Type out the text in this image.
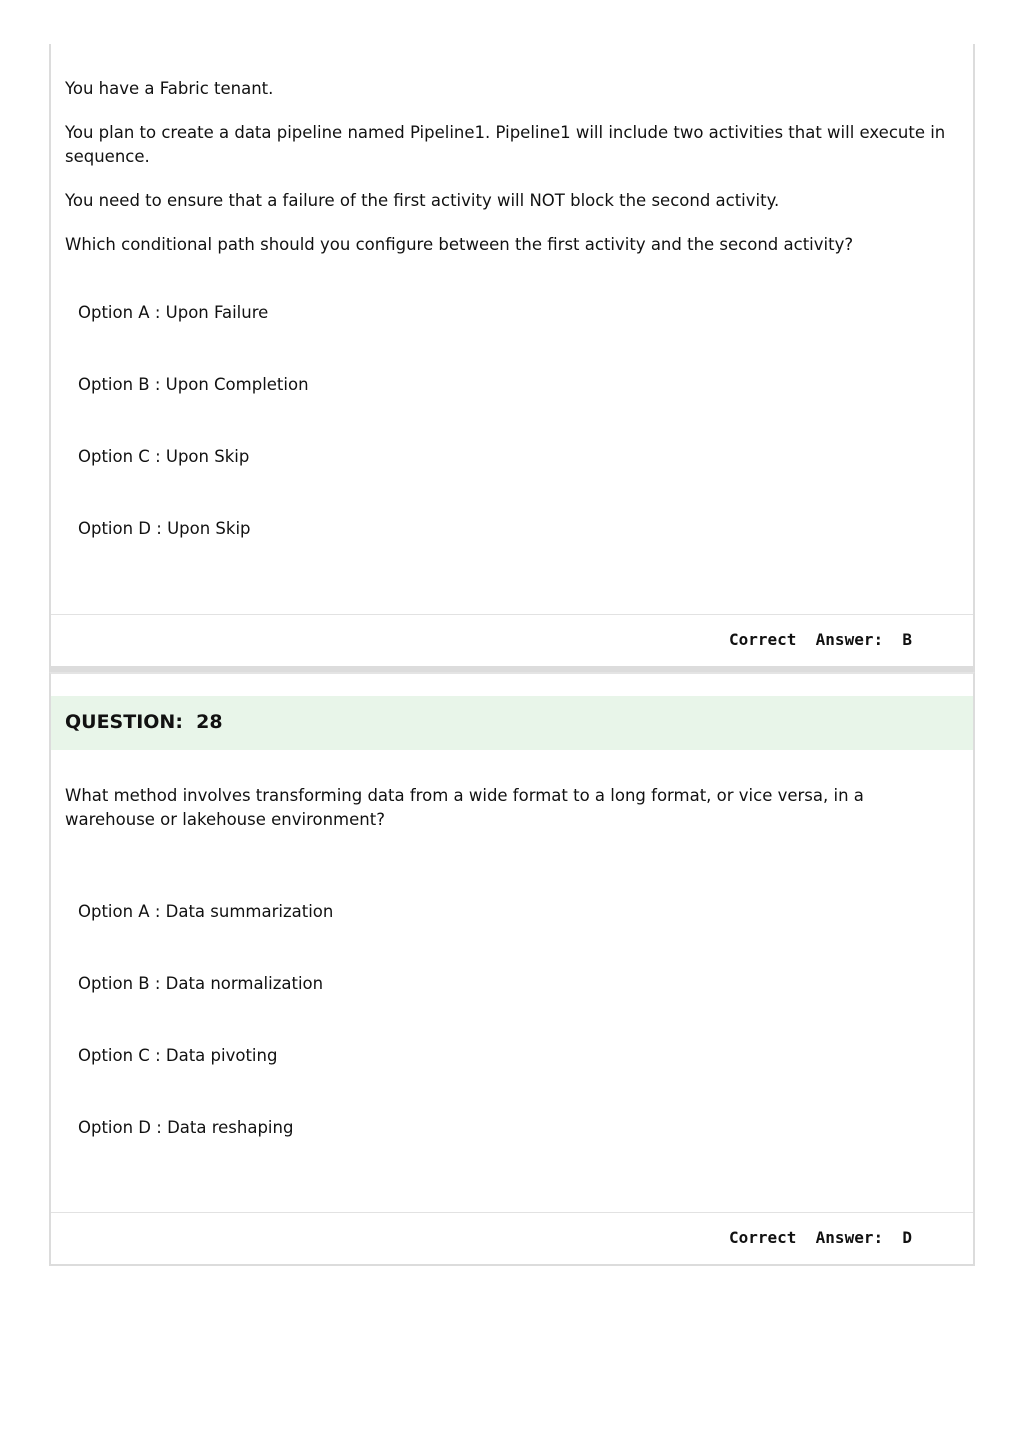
You have a Fabric tenant.

You plan to create a data pipeline named Pipeline1. Pipeline1 will include two activities that will execute in sequence.

You need to ensure that a failure of the first activity will NOT block the second activity.

Which conditional path should you configure between the first activity and the second activity?

Option A : Upon Failure

Option B : Upon Completion

Option C : Upon Skip

Option D : Upon Skip

Correct  Answer:  B
QUESTION:  28

What method involves transforming data from a wide format to a long format, or vice versa, in a warehouse or lakehouse environment?

Option A : Data summarization

Option B : Data normalization

Option C : Data pivoting

Option D : Data reshaping

Correct  Answer:  D
